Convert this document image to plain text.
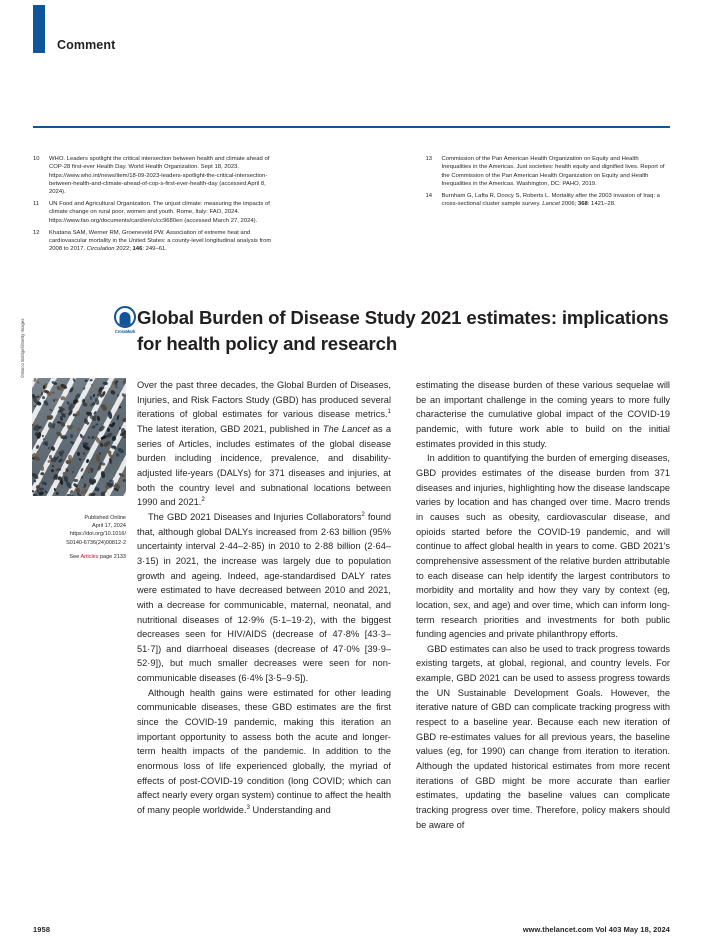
Comment
10	WHO. Leaders spotlight the critical intersection between health and climate ahead of COP-28 first-ever Health Day. World Health Organization. Sept 18, 2023. https://www.who.int/news/item/18-09-2023-leaders-spotlight-the-critical-intersection-between-health-and-climate-ahead-of-cop-s-first-ever-health-day (accessed April 8, 2024).
11	UN Food and Agricultural Organization. The unjust climate: measuring the impacts of climate change on rural poor, women and youth. Rome, Italy: FAO, 2024. https://www.fao.org/documents/card/en/c/cc9680en (accessed March 27, 2024).
12	Khatana SAM, Werner RM, Groeneveld PW. Association of extreme heat and cardiovascular mortality in the United States: a county-level longitudinal analysis from 2008 to 2017. Circulation 2022; 146: 249–61.
13	Commission of the Pan American Health Organization on Equity and Health Inequalities in the Americas. Just societies: health equity and dignified lives. Report of the Commission of the Pan American Health Organization on Equity and Health Inequalities in the Americas. Washington, DC: PAHO, 2019.
14	Burnham G, Lafta R, Doocy S, Roberts L. Mortality after the 2003 invasion of Iraq: a cross-sectional cluster sample survey. Lancet 2006; 368: 1421–28.
CrossMark
Global Burden of Disease Study 2021 estimates: implications for health policy and research
©Marco Bottigelli/Getty Images
Published Online
April 17, 2024
https://doi.org/10.1016/
S0140-6736(24)00812-2
See Articles page 2133

Over the past three decades, the Global Burden of Diseases, Injuries, and Risk Factors Study (GBD) has produced several iterations of global estimates for various disease metrics.$^1$ The latest iteration, GBD 2021, published in The Lancet as a series of Articles, includes estimates of the global disease burden including incidence, prevalence, and disability-adjusted life-years (DALYs) for 371 diseases and injuries, at both the country level and subnational locations between 1990 and 2021.$^2$

The GBD 2021 Diseases and Injuries Collaborators$^2$ found that, although global DALYs increased from 2·63 billion (95% uncertainty interval 2·44–2·85) in 2010 to 2·88 billion (2·64–3·15) in 2021, the increase was largely due to population growth and ageing. Indeed, age-standardised DALY rates were estimated to have decreased between 2010 and 2021, with a decrease for communicable, maternal, neonatal, and nutritional diseases of 12·9% (5·1–19·2), with the biggest decreases seen for HIV/AIDS (decrease of 47·8% [43·3–51·7]) and diarrhoeal diseases (decrease of 47·0% [39·9–52·9]), but much smaller decreases were seen for non-communicable diseases (6·4% [3·5–9·5]).

Although health gains were estimated for other leading communicable diseases, these GBD estimates are the first since the COVID-19 pandemic, making this iteration an important opportunity to assess both the acute and longer-term health impacts of the pandemic. In addition to the enormous loss of life experienced globally, the myriad of effects of post-COVID-19 condition (long COVID; which can affect nearly every organ system) continue to affect the health of many people worldwide.$^3$ Understanding and

estimating the disease burden of these various sequelae will be an important challenge in the coming years to more fully characterise the cumulative global impact of the COVID-19 pandemic, with future work able to build on the initial estimates provided in this study.

In addition to quantifying the burden of emerging diseases, GBD provides estimates of the disease burden from 371 diseases and injuries, highlighting how the disease landscape varies by location and has changed over time. Macro trends in causes such as obesity, cardiovascular disease, and opioids started before the COVID-19 pandemic, and will continue to affect global health in years to come. GBD 2021's comprehensive assessment of the relative burden attributable to each disease can help identify the largest contributors to morbidity and mortality and how they vary by context (eg, location, sex, and age) and over time, which can inform long-term research priorities and investments for both public funding agencies and private philanthropy efforts.

GBD estimates can also be used to track progress towards existing targets, at global, regional, and country levels. For example, GBD 2021 can be used to assess progress towards the UN Sustainable Development Goals. However, the iterative nature of GBD can complicate tracking progress with respect to a baseline year. Because each new iteration of GBD re-estimates values for all previous years, the baseline values (eg, for 1990) can change from iteration to iteration. Although the updated historical estimates from more recent iterations of GBD might be more accurate than earlier estimates, updating the baseline values can complicate tracking progress over time. Therefore, policy makers should be aware of

1958	www.thelancet.com Vol 403 May 18, 2024
